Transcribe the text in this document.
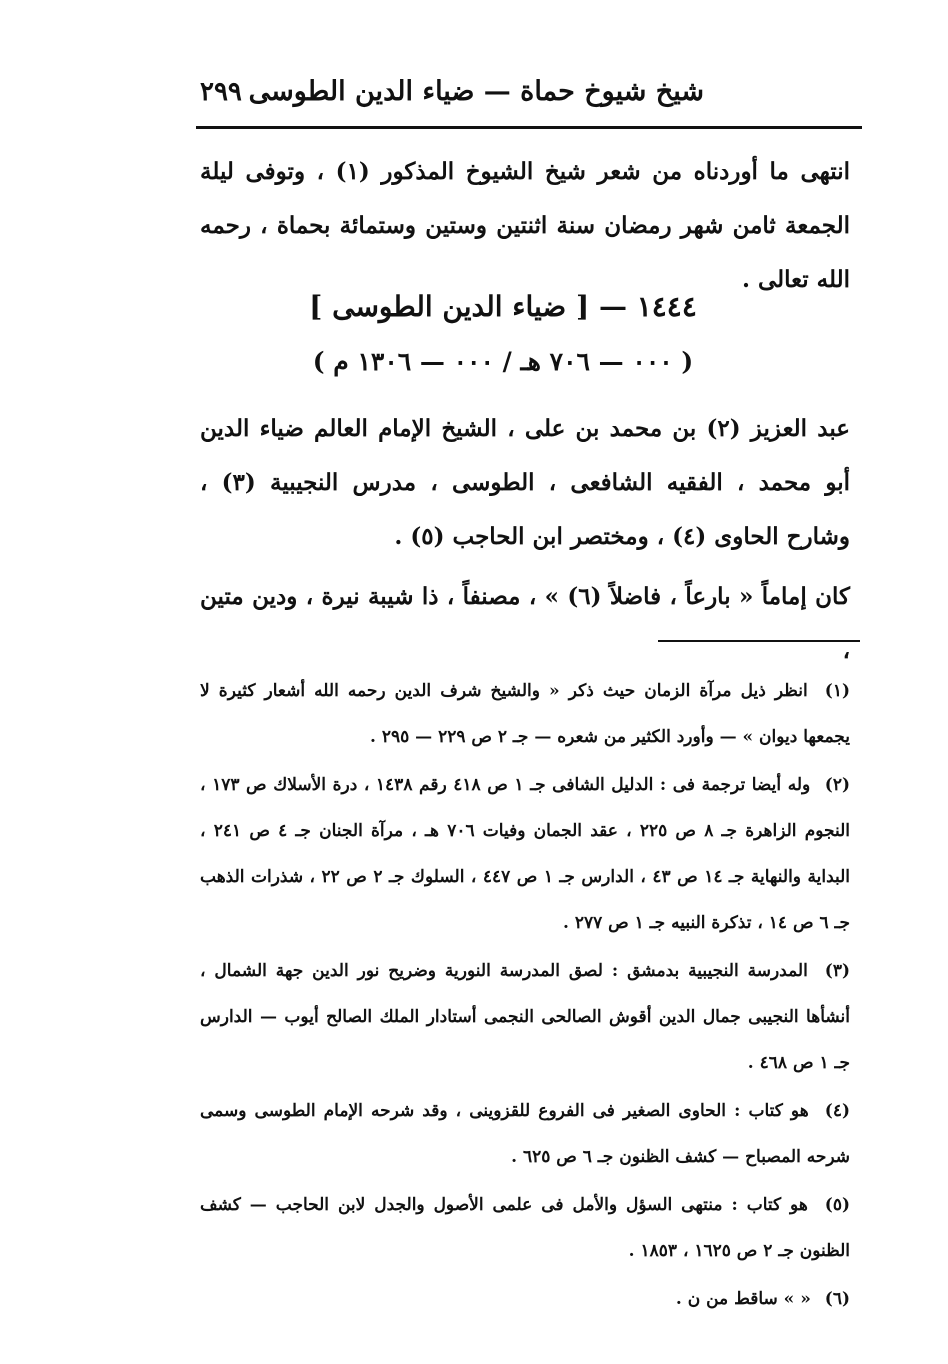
شيخ شيوخ حماة — ضياء الدين الطوسى
٢٩٩
انتهى ما أوردناه من شعر شيخ الشيوخ المذكور (١) ، وتوفى ليلة الجمعة ثامن شهر رمضان سنة اثنتين وستين وستمائة بحماة ، رحمه الله تعالى .
١٤٤٤ — [ ضياء الدين الطوسى ]
( ٠٠٠ — ٧٠٦ هـ / ٠٠٠ — ١٣٠٦ م )
عبد العزيز (٢) بن محمد بن على ، الشيخ الإمام العالم ضياء الدين أبو محمد ، الفقيه الشافعى ، الطوسى ، مدرس النجيبية (٣) ، وشارح الحاوى (٤) ، ومختصر ابن الحاجب (٥) .
كان إماماً « بارعاً ، فاضلاً (٦) » ، مصنفاً ، ذا شيبة نيرة ، ودين متين ،
(١) انظر ذيل مرآة الزمان حيث ذكر « والشيخ شرف الدين رحمه الله أشعار كثيرة لا يجمعها ديوان » — وأورد الكثير من شعره — جـ ٢ ص ٢٢٩ — ٢٩٥ .
(٢) وله أيضا ترجمة فى : الدليل الشافى جـ ١ ص ٤١٨ رقم ١٤٣٨ ، درة الأسلاك ص ١٧٣ ، النجوم الزاهرة جـ ٨ ص ٢٢٥ ، عقد الجمان وفيات ٧٠٦ هـ ، مرآة الجنان جـ ٤ ص ٢٤١ ، البداية والنهاية جـ ١٤ ص ٤٣ ، الدارس جـ ١ ص ٤٤٧ ، السلوك جـ ٢ ص ٢٢ ، شذرات الذهب جـ ٦ ص ١٤ ، تذكرة النبيه جـ ١ ص ٢٧٧ .
(٣) المدرسة النجيبية بدمشق : لصق المدرسة النورية وضريح نور الدين جهة الشمال ، أنشأها النجيبى جمال الدين أقوش الصالحى النجمى أستادار الملك الصالح أيوب — الدارس جـ ١ ص ٤٦٨ .
(٤) هو كتاب : الحاوى الصغير فى الفروع للقزوينى ، وقد شرحه الإمام الطوسى وسمى شرحه المصباح — كشف الظنون جـ ٦ ص ٦٢٥ .
(٥) هو كتاب : منتهى السؤل والأمل فى علمى الأصول والجدل لابن الحاجب — كشف الظنون جـ ٢ ص ١٦٢٥ ، ١٨٥٣ .
(٦) « » ساقط من ن .
